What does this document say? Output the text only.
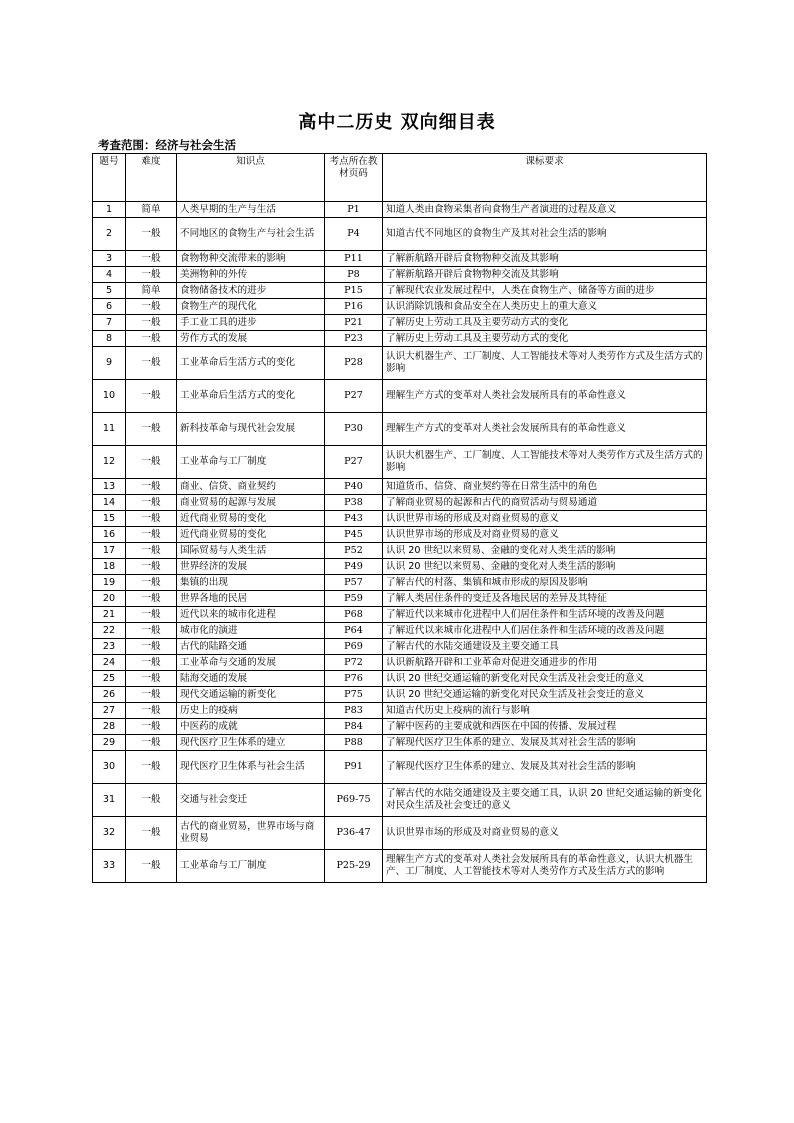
高中二历史 双向细目表
考查范围：经济与社会生活
题号	难度	知识点	考点所在教材页码	课标要求
1	简单	人类早期的生产与生活	P1	知道人类由食物采集者向食物生产者演进的过程及意义
2	一般	不同地区的食物生产与社会生活	P4	知道古代不同地区的食物生产及其对社会生活的影响
3	一般	食物物种交流带来的影响	P11	了解新航路开辟后食物物种交流及其影响
4	一般	美洲物种的外传	P8	了解新航路开辟后食物物种交流及其影响
5	简单	食物储备技术的进步	P15	了解现代农业发展过程中，人类在食物生产、储备等方面的进步
6	一般	食物生产的现代化	P16	认识消除饥饿和食品安全在人类历史上的重大意义
7	一般	手工业工具的进步	P21	了解历史上劳动工具及主要劳动方式的变化
8	一般	劳作方式的发展	P23	了解历史上劳动工具及主要劳动方式的变化
9	一般	工业革命后生活方式的变化	P28	认识大机器生产、工厂制度、人工智能技术等对人类劳作方式及生活方式的影响
10	一般	工业革命后生活方式的变化	P27	理解生产方式的变革对人类社会发展所具有的革命性意义
11	一般	新科技革命与现代社会发展	P30	理解生产方式的变革对人类社会发展所具有的革命性意义
12	一般	工业革命与工厂制度	P27	认识大机器生产、工厂制度、人工智能技术等对人类劳作方式及生活方式的影响
13	一般	商业、信贷、商业契约	P40	知道货币、信贷、商业契约等在日常生活中的角色
14	一般	商业贸易的起源与发展	P38	了解商业贸易的起源和古代的商贸活动与贸易通道
15	一般	近代商业贸易的变化	P43	认识世界市场的形成及对商业贸易的意义
16	一般	近代商业贸易的变化	P45	认识世界市场的形成及对商业贸易的意义
17	一般	国际贸易与人类生活	P52	认识 20 世纪以来贸易、金融的变化对人类生活的影响
18	一般	世界经济的发展	P49	认识 20 世纪以来贸易、金融的变化对人类生活的影响
19	一般	集镇的出现	P57	了解古代的村落、集镇和城市形成的原因及影响
20	一般	世界各地的民居	P59	了解人类居住条件的变迁及各地民居的差异及其特征
21	一般	近代以来的城市化进程	P68	了解近代以来城市化进程中人们居住条件和生活环境的改善及问题
22	一般	城市化的演进	P64	了解近代以来城市化进程中人们居住条件和生活环境的改善及问题
23	一般	古代的陆路交通	P69	了解古代的水陆交通建设及主要交通工具
24	一般	工业革命与交通的发展	P72	认识新航路开辟和工业革命对促进交通进步的作用
25	一般	陆海交通的发展	P76	认识 20 世纪交通运输的新变化对民众生活及社会变迁的意义
26	一般	现代交通运输的新变化	P75	认识 20 世纪交通运输的新变化对民众生活及社会变迁的意义
27	一般	历史上的疫病	P83	知道古代历史上疫病的流行与影响
28	一般	中医药的成就	P84	了解中医药的主要成就和西医在中国的传播、发展过程
29	一般	现代医疗卫生体系的建立	P88	了解现代医疗卫生体系的建立、发展及其对社会生活的影响
30	一般	现代医疗卫生体系与社会生活	P91	了解现代医疗卫生体系的建立、发展及其对社会生活的影响
31	一般	交通与社会变迁	P69-75	了解古代的水陆交通建设及主要交通工具，认识 20 世纪交通运输的新变化对民众生活及社会变迁的意义
32	一般	古代的商业贸易，世界市场与商业贸易	P36-47	认识世界市场的形成及对商业贸易的意义
33	一般	工业革命与工厂制度	P25-29	理解生产方式的变革对人类社会发展所具有的革命性意义，认识大机器生产、工厂制度、人工智能技术等对人类劳作方式及生活方式的影响
